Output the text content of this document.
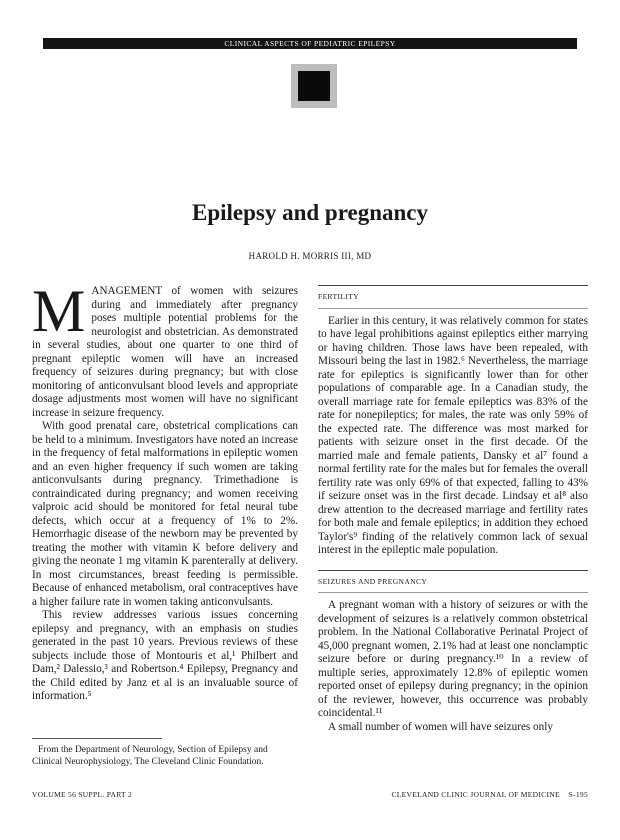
CLINICAL ASPECTS OF PEDIATRIC EPILEPSY
Epilepsy and pregnancy
HAROLD H. MORRIS III, MD

MANAGEMENT of women with seizures during and immediately after pregnancy poses multiple potential problems for the neurologist and obstetrician. As demonstrated in several studies, about one quarter to one third of pregnant epileptic women will have an increased frequency of seizures during pregnancy; but with close monitoring of anticonvulsant blood levels and appropriate dosage adjustments most women will have no significant increase in seizure frequency.

With good prenatal care, obstetrical complications can be held to a minimum. Investigators have noted an increase in the frequency of fetal malformations in epileptic women and an even higher frequency if such women are taking anticonvulsants during pregnancy. Trimethadione is contraindicated during pregnancy; and women receiving valproic acid should be monitored for fetal neural tube defects, which occur at a frequency of 1% to 2%. Hemorrhagic disease of the newborn may be prevented by treating the mother with vitamin K before delivery and giving the neonate 1 mg vitamin K parenterally at delivery. In most circumstances, breast feeding is permissible. Because of enhanced metabolism, oral contraceptives have a higher failure rate in women taking anticonvulsants.

This review addresses various issues concerning epilepsy and pregnancy, with an emphasis on studies generated in the past 10 years. Previous reviews of these subjects include those of Montouris et al,¹ Philbert and Dam,² Dalessio,³ and Robertson.⁴ Epilepsy, Pregnancy and the Child edited by Janz et al is an invaluable source of information.⁵

FERTILITY

Earlier in this century, it was relatively common for states to have legal prohibitions against epileptics either marrying or having children. Those laws have been repealed, with Missouri being the last in 1982.⁶ Nevertheless, the marriage rate for epileptics is significantly lower than for other populations of comparable age. In a Canadian study, the overall marriage rate for female epileptics was 83% of the rate for nonepileptics; for males, the rate was only 59% of the expected rate. The difference was most marked for patients with seizure onset in the first decade. Of the married male and female patients, Dansky et al⁷ found a normal fertility rate for the males but for females the overall fertility rate was only 69% of that expected, falling to 43% if seizure onset was in the first decade. Lindsay et al⁸ also drew attention to the decreased marriage and fertility rates for both male and female epileptics; in addition they echoed Taylor's⁹ finding of the relatively common lack of sexual interest in the epileptic male population.

SEIZURES AND PREGNANCY

A pregnant woman with a history of seizures or with the development of seizures is a relatively common obstetrical problem. In the National Collaborative Perinatal Project of 45,000 pregnant women, 2.1% had at least one nonclamptic seizure before or during pregnancy.¹⁰ In a review of multiple series, approximately 12.8% of epileptic women reported onset of epilepsy during pregnancy; in the opinion of the reviewer, however, this occurrence was probably coincidental.¹¹

A small number of women will have seizures only

From the Department of Neurology, Section of Epilepsy and Clinical Neurophysiology, The Cleveland Clinic Foundation.
VOLUME 56 SUPPL. PART 2	CLEVELAND CLINIC JOURNAL OF MEDICINE S-195
